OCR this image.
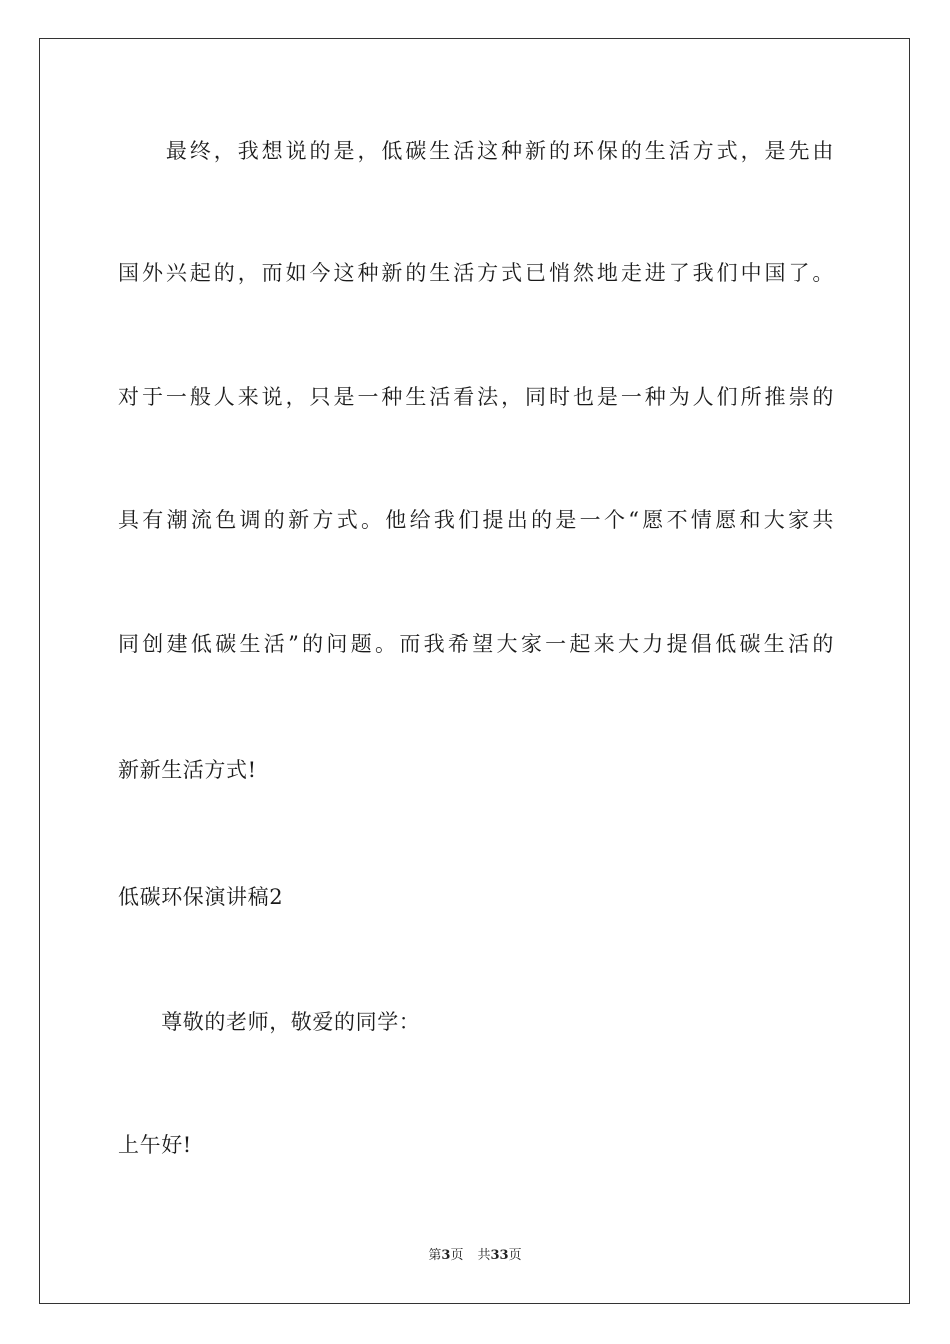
　　最终，我想说的是，低碳生活这种新的环保的生活方式，是先由
国外兴起的，而如今这种新的生活方式已悄然地走进了我们中国了。
对于一般人来说，只是一种生活看法，同时也是一种为人们所推崇的
具有潮流色调的新方式。他给我们提出的是一个“愿不情愿和大家共
同创建低碳生活”的问题。而我希望大家一起来大力提倡低碳生活的
新新生活方式!
低碳环保演讲稿2
　　尊敬的老师，敬爱的同学：
上午好!
第3页 共33页
